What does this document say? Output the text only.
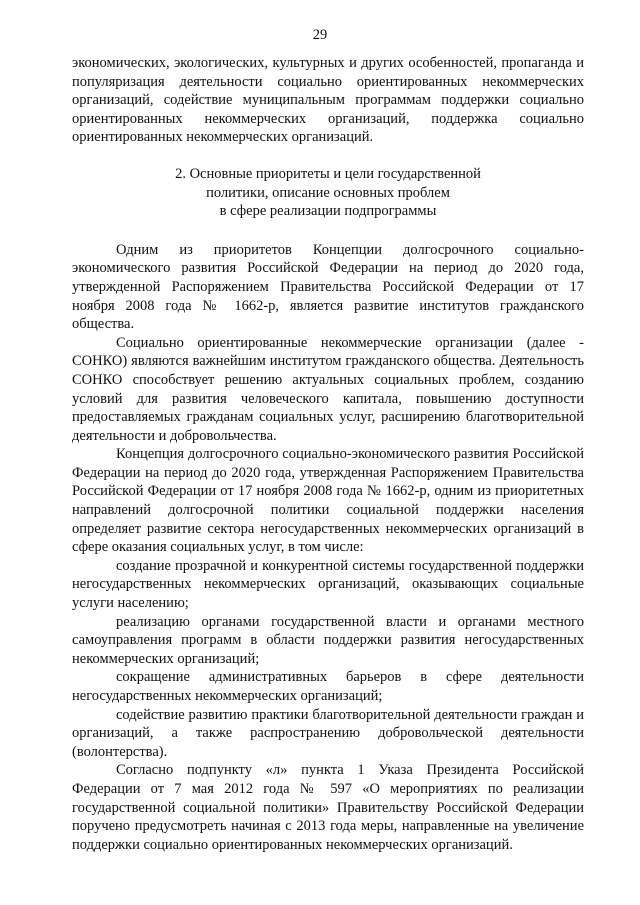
29

экономических, экологических, культурных и других особенностей, пропаганда и популяризация деятельности социально ориентированных некоммерческих организаций, содействие муниципальным программам поддержки социально ориентированных некоммерческих организаций, поддержка социально ориентированных некоммерческих организаций.

2. Основные приоритеты и цели государственной
политики, описание основных проблем
в сфере реализации подпрограммы

Одним из приоритетов Концепции долгосрочного социально-экономического развития Российской Федерации на период до 2020 года, утвержденной Распоряжением Правительства Российской Федерации от 17 ноября 2008 года № 1662-р, является развитие институтов гражданского общества.

Социально ориентированные некоммерческие организации (далее - СОНКО) являются важнейшим институтом гражданского общества. Деятельность СОНКО способствует решению актуальных социальных проблем, созданию условий для развития человеческого капитала, повышению доступности предоставляемых гражданам социальных услуг, расширению благотворительной деятельности и добровольчества.

Концепция долгосрочного социально-экономического развития Российской Федерации на период до 2020 года, утвержденная Распоряжением Правительства Российской Федерации от 17 ноября 2008 года № 1662-р, одним из приоритетных направлений долгосрочной политики социальной поддержки населения определяет развитие сектора негосударственных некоммерческих организаций в сфере оказания социальных услуг, в том числе:

создание прозрачной и конкурентной системы государственной поддержки негосударственных некоммерческих организаций, оказывающих социальные услуги населению;

реализацию органами государственной власти и органами местного самоуправления программ в области поддержки развития негосударственных некоммерческих организаций;

сокращение административных барьеров в сфере деятельности негосударственных некоммерческих организаций;

содействие развитию практики благотворительной деятельности граждан и организаций, а также распространению добровольческой деятельности (волонтерства).

Согласно подпункту «л» пункта 1 Указа Президента Российской Федерации от 7 мая 2012 года № 597 «О мероприятиях по реализации государственной социальной политики» Правительству Российской Федерации поручено предусмотреть начиная с 2013 года меры, направленные на увеличение поддержки социально ориентированных некоммерческих организаций.
